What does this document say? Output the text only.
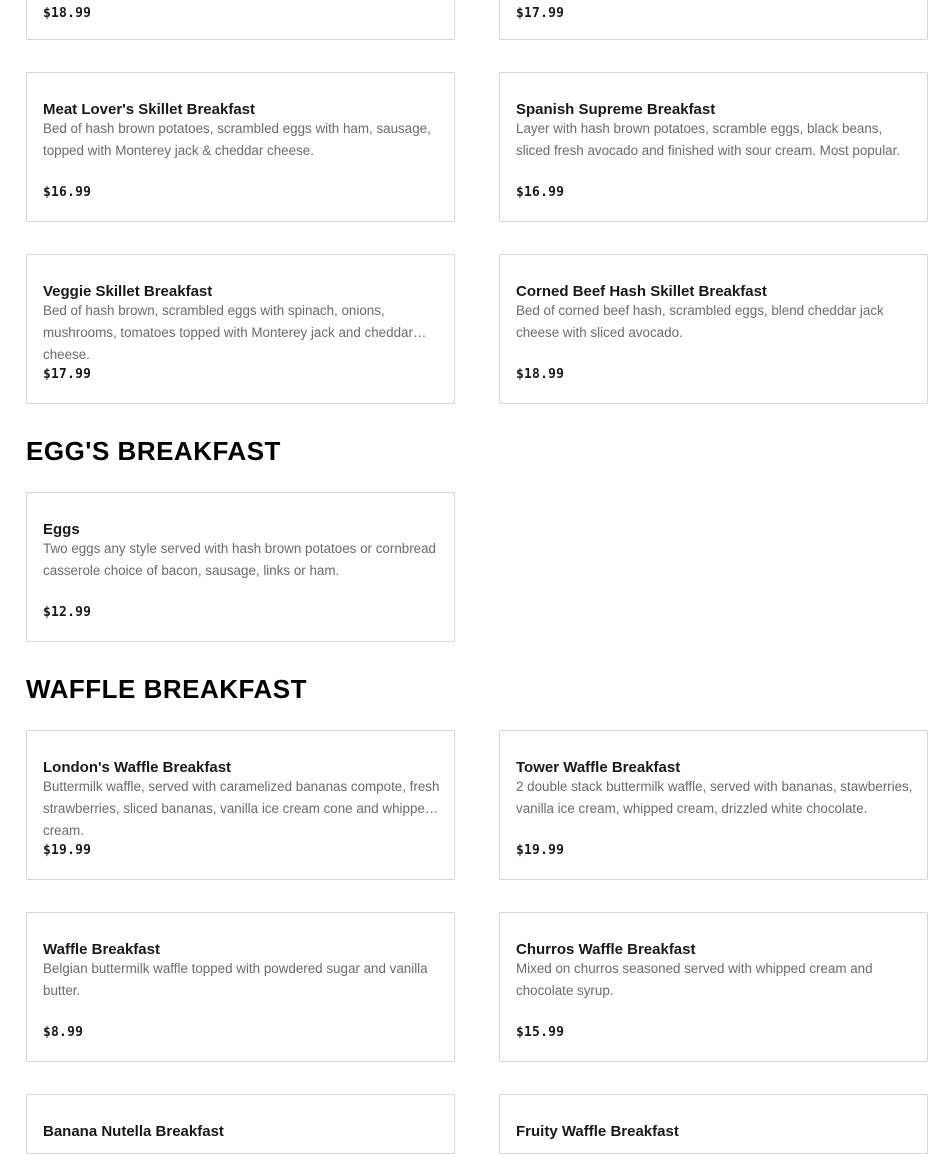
$18.99	$17.99
Meat Lover's Skillet Breakfast
Bed of hash brown potatoes, scrambled eggs with ham, sausage, topped with Monterey jack & cheddar cheese.
$16.99
Spanish Supreme Breakfast
Layer with hash brown potatoes, scramble eggs, black beans, sliced fresh avocado and finished with sour cream. Most popular.
$16.99
Veggie Skillet Breakfast
Bed of hash brown, scrambled eggs with spinach, onions, mushrooms, tomatoes topped with Monterey jack and cheddar cheese.
$17.99
Corned Beef Hash Skillet Breakfast
Bed of corned beef hash, scrambled eggs, blend cheddar jack cheese with sliced avocado.
$18.99
EGG'S BREAKFAST
Eggs
Two eggs any style served with hash brown potatoes or cornbread casserole choice of bacon, sausage, links or ham.
$12.99
WAFFLE BREAKFAST
London's Waffle Breakfast
Buttermilk waffle, served with caramelized bananas compote, fresh strawberries, sliced bananas, vanilla ice cream cone and whipped cream.
$19.99
Tower Waffle Breakfast
2 double stack buttermilk waffle, served with bananas, stawberries, vanilla ice cream, whipped cream, drizzled white chocolate.
$19.99
Waffle Breakfast
Belgian buttermilk waffle topped with powdered sugar and vanilla butter.
$8.99
Churros Waffle Breakfast
Mixed on churros seasoned served with whipped cream and chocolate syrup.
$15.99
Banana Nutella Breakfast	Fruity Waffle Breakfast
